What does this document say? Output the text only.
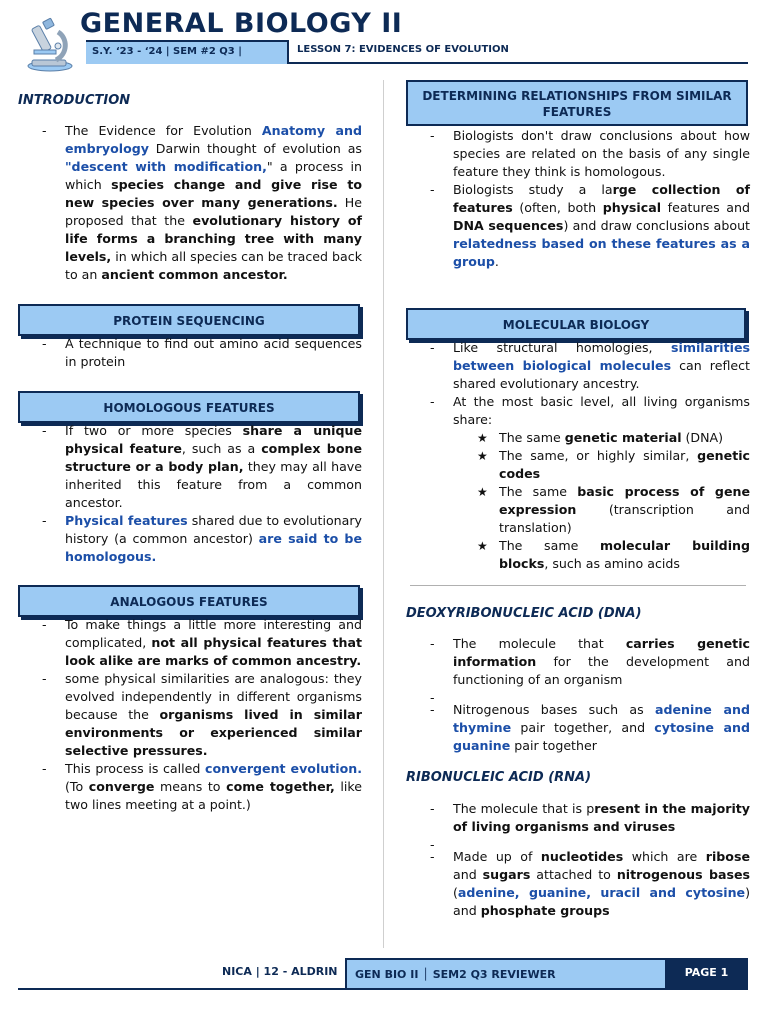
GENERAL BIOLOGY II
S.Y. ‘23 - ‘24 | SEM #2 Q3 |	LESSON 7: EVIDENCES OF EVOLUTION
INTRODUCTION
- The Evidence for Evolution Anatomy and embryology Darwin thought of evolution as "descent with modification," a process in which species change and give rise to new species over many generations. He proposed that the evolutionary history of life forms a branching tree with many levels, in which all species can be traced back to an ancient common ancestor.
PROTEIN SEQUENCING
- A technique to find out amino acid sequences in protein
HOMOLOGOUS FEATURES
- If two or more species share a unique physical feature, such as a complex bone structure or a body plan, they may all have inherited this feature from a common ancestor.
- Physical features shared due to evolutionary history (a common ancestor) are said to be homologous.
ANALOGOUS FEATURES
- To make things a little more interesting and complicated, not all physical features that look alike are marks of common ancestry.
- some physical similarities are analogous: they evolved independently in different organisms because the organisms lived in similar environments or experienced similar selective pressures.
- This process is called convergent evolution. (To converge means to come together, like two lines meeting at a point.)
DETERMINING RELATIONSHIPS FROM SIMILAR FEATURES
- Biologists don't draw conclusions about how species are related on the basis of any single feature they think is homologous.
- Biologists study a large collection of features (often, both physical features and DNA sequences) and draw conclusions about relatedness based on these features as a group.
MOLECULAR BIOLOGY
- Like structural homologies, similarities between biological molecules can reflect shared evolutionary ancestry.
- At the most basic level, all living organisms share:
★ The same genetic material (DNA)
★ The same, or highly similar, genetic codes
★ The same basic process of gene expression (transcription and translation)
★ The same molecular building blocks, such as amino acids
DEOXYRIBONUCLEIC ACID (DNA)
- The molecule that carries genetic information for the development and functioning of an organism
-
- Nitrogenous bases such as adenine and thymine pair together, and cytosine and guanine pair together
RIBONUCLEIC ACID (RNA)
- The molecule that is present in the majority of living organisms and viruses
-
- Made up of nucleotides which are ribose and sugars attached to nitrogenous bases (adenine, guanine, uracil and cytosine) and phosphate groups
NICA | 12 - ALDRIN	GEN BIO II │ SEM2 Q3 REVIEWER	PAGE 1
